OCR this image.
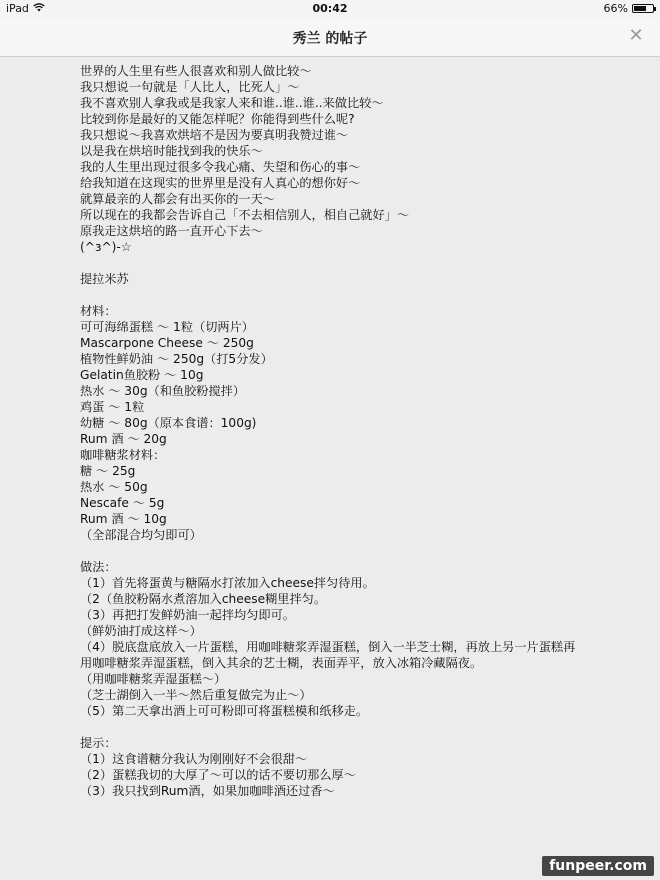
iPad	00:42	66%
秀兰 的帖子	✕
世界的人生里有些人很喜欢和别人做比较～
我只想说一句就是「人比人，比死人」～
我不喜欢别人拿我或是我家人来和谁..谁..谁..来做比较～
比较到你是最好的又能怎样呢？你能得到些什么呢?
我只想说～我喜欢烘培不是因为要真明我赞过谁～
以是我在烘培时能找到我的快乐～
我的人生里出现过很多令我心痛、失望和伤心的事～
给我知道在这现实的世界里是没有人真心的想你好～
就算最亲的人都会有出买你的一天～
所以现在的我都会告诉自己「不去相信别人，相自己就好」～
原我走这烘培的路一直开心下去～
(^з^)-☆
提拉米苏
材料：
可可海绵蛋糕 ～ 1粒（切两片）
Mascarpone Cheese ～ 250g
植物性鲜奶油 ～ 250g（打5分发）
Gelatin鱼胶粉 ～ 10g
热水 ～ 30g（和鱼胶粉搅拌）
鸡蛋 ～ 1粒
幼糖 ～ 80g（原本食谱：100g)
Rum 酒 ～ 20g
咖啡糖浆材料：
糖 ～ 25g
热水 ～ 50g
Nescafe ～ 5g
Rum 酒 ～ 10g
（全部混合均匀即可）
做法：
（1）首先将蛋黄与糖隔水打浓加入cheese拌匀待用。
（2（鱼胶粉隔水煮溶加入cheese糊里拌匀。
（3）再把打发鲜奶油一起拌均匀即可。
（鲜奶油打成这样～）
（4）脱底盘底放入一片蛋糕，用咖啡糖浆弄湿蛋糕，倒入一半芝士糊，再放上另一片蛋糕再用咖啡糖浆弄湿蛋糕，倒入其余的艺士糊，表面弄平，放入冰箱冷藏隔夜。
（用咖啡糖浆弄湿蛋糕～）
（芝士湖倒入一半～然后重复做完为止～）
（5）第二天拿出酒上可可粉即可将蛋糕模和纸移走。
提示：
（1）这食谱糖分我认为刚刚好不会很甜～
（2）蛋糕我切的大厚了～可以的话不要切那么厚～
（3）我只找到Rum酒，如果加咖啡酒还过香～
funpeer.com
